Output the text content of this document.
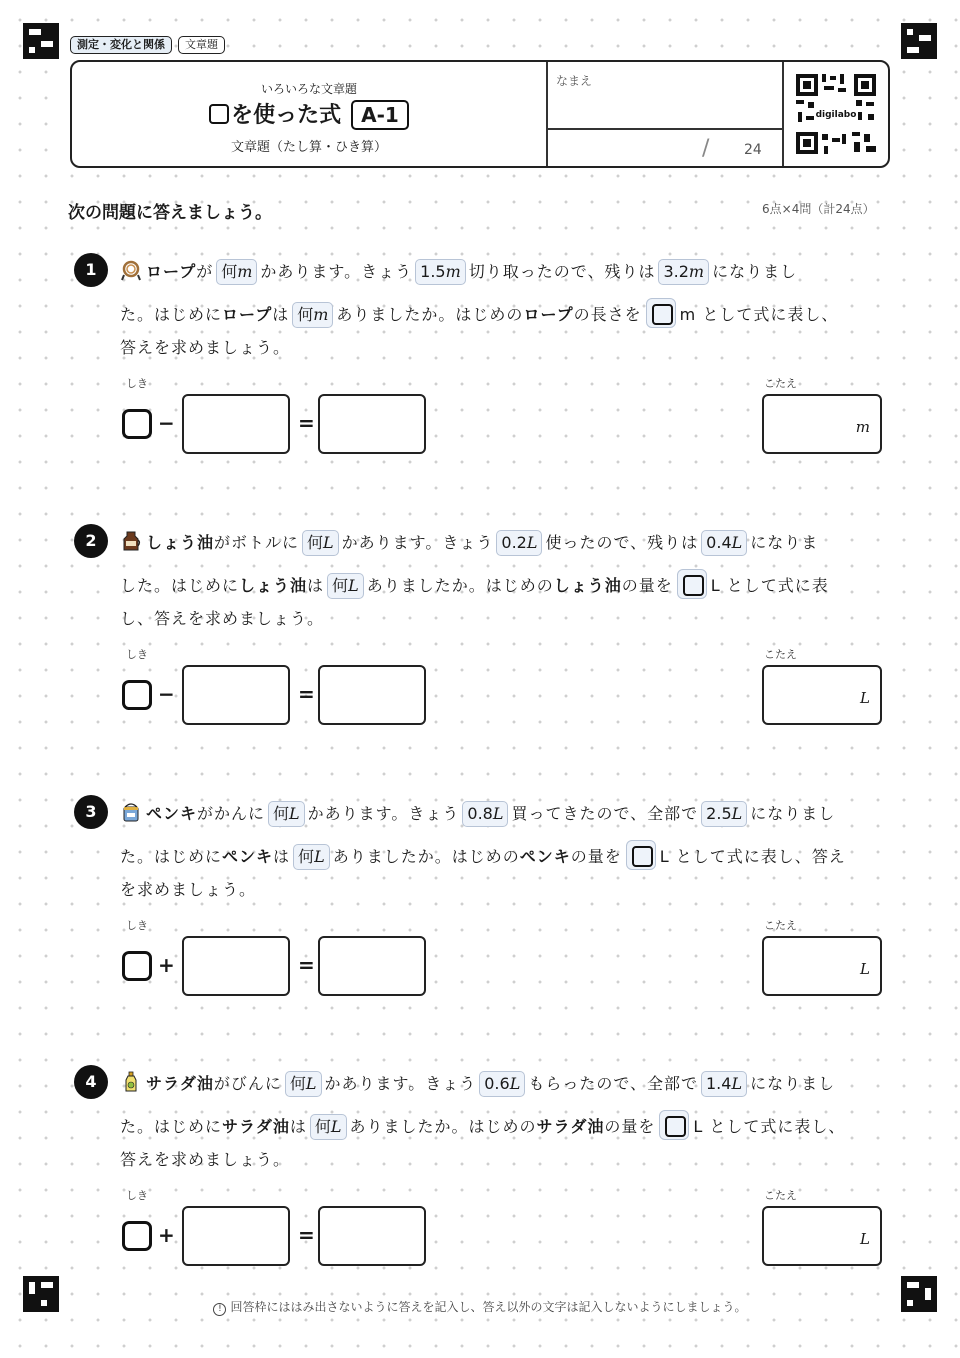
測定・変化と関係	文章題
いろいろな文章題
を使った式 A-1
文章題（たし算・ひき算）
なまえ
/ 24
digilabo
次の問題に答えましょう。	6点×4問（計24点）
1	ロープが 何m かあります。きょう 1.5m 切り取ったので、残りは 3.2m になりまし
た。はじめにロープは 何m ありましたか。はじめのロープの長さを m として式に表し、
答えを求めましょう。
しき	こたえ
−	=	m
2	しょう油がボトルに 何L かあります。きょう 0.2L 使ったので、残りは 0.4L になりま
した。はじめにしょう油は 何L ありましたか。はじめのしょう油の量を L として式に表
し、答えを求めましょう。
しき	こたえ
−	=	L
3	ペンキがかんに 何L かあります。きょう 0.8L 買ってきたので、全部で 2.5L になりまし
た。はじめにペンキは 何L ありましたか。はじめのペンキの量を L として式に表し、答え
を求めましょう。
しき	こたえ
+	=	L
4	サラダ油がびんに 何L かあります。きょう 0.6L もらったので、全部で 1.4L になりまし
た。はじめにサラダ油は 何L ありましたか。はじめのサラダ油の量を L として式に表し、
答えを求めましょう。
しき	こたえ
+	=	L
! 回答枠にははみ出さないように答えを記入し、答え以外の文字は記入しないようにしましょう。
